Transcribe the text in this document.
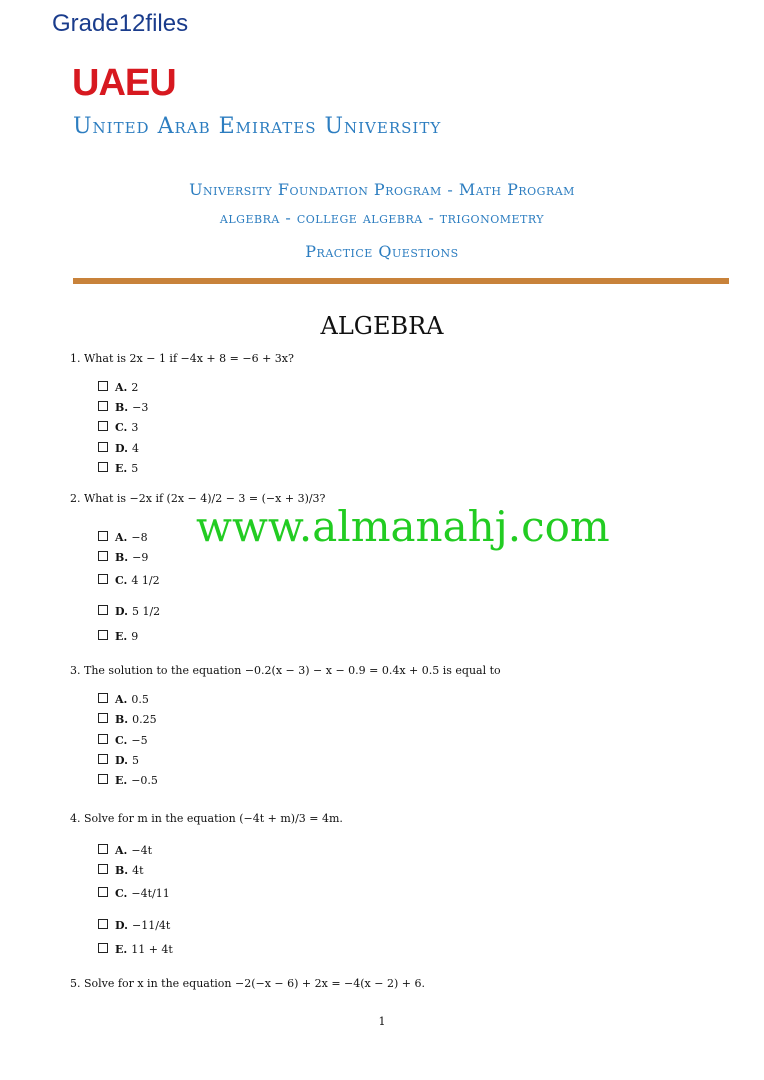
Grade12files
UAEU
United Arab Emirates University
University Foundation Program - Math Program
algebra - college algebra - trigonometry
Practice Questions
ALGEBRA
1. What is 2x − 1 if −4x + 8 = −6 + 3x?
A. 2
B. −3
C. 3
D. 4
E. 5
2. What is −2x if (2x − 4)/2 − 3 = (−x + 3)/3?
A. −8
B. −9
C. 4 1/2
D. 5 1/2
E. 9
www.almanahj.com
3. The solution to the equation −0.2(x − 3) − x − 0.9 = 0.4x + 0.5 is equal to
A. 0.5
B. 0.25
C. −5
D. 5
E. −0.5
4. Solve for m in the equation (−4t + m)/3 = 4m.
A. −4t
B. 4t
C. −4t/11
D. −11/4t
E. 11 + 4t
5. Solve for x in the equation −2(−x − 6) + 2x = −4(x − 2) + 6.
1
